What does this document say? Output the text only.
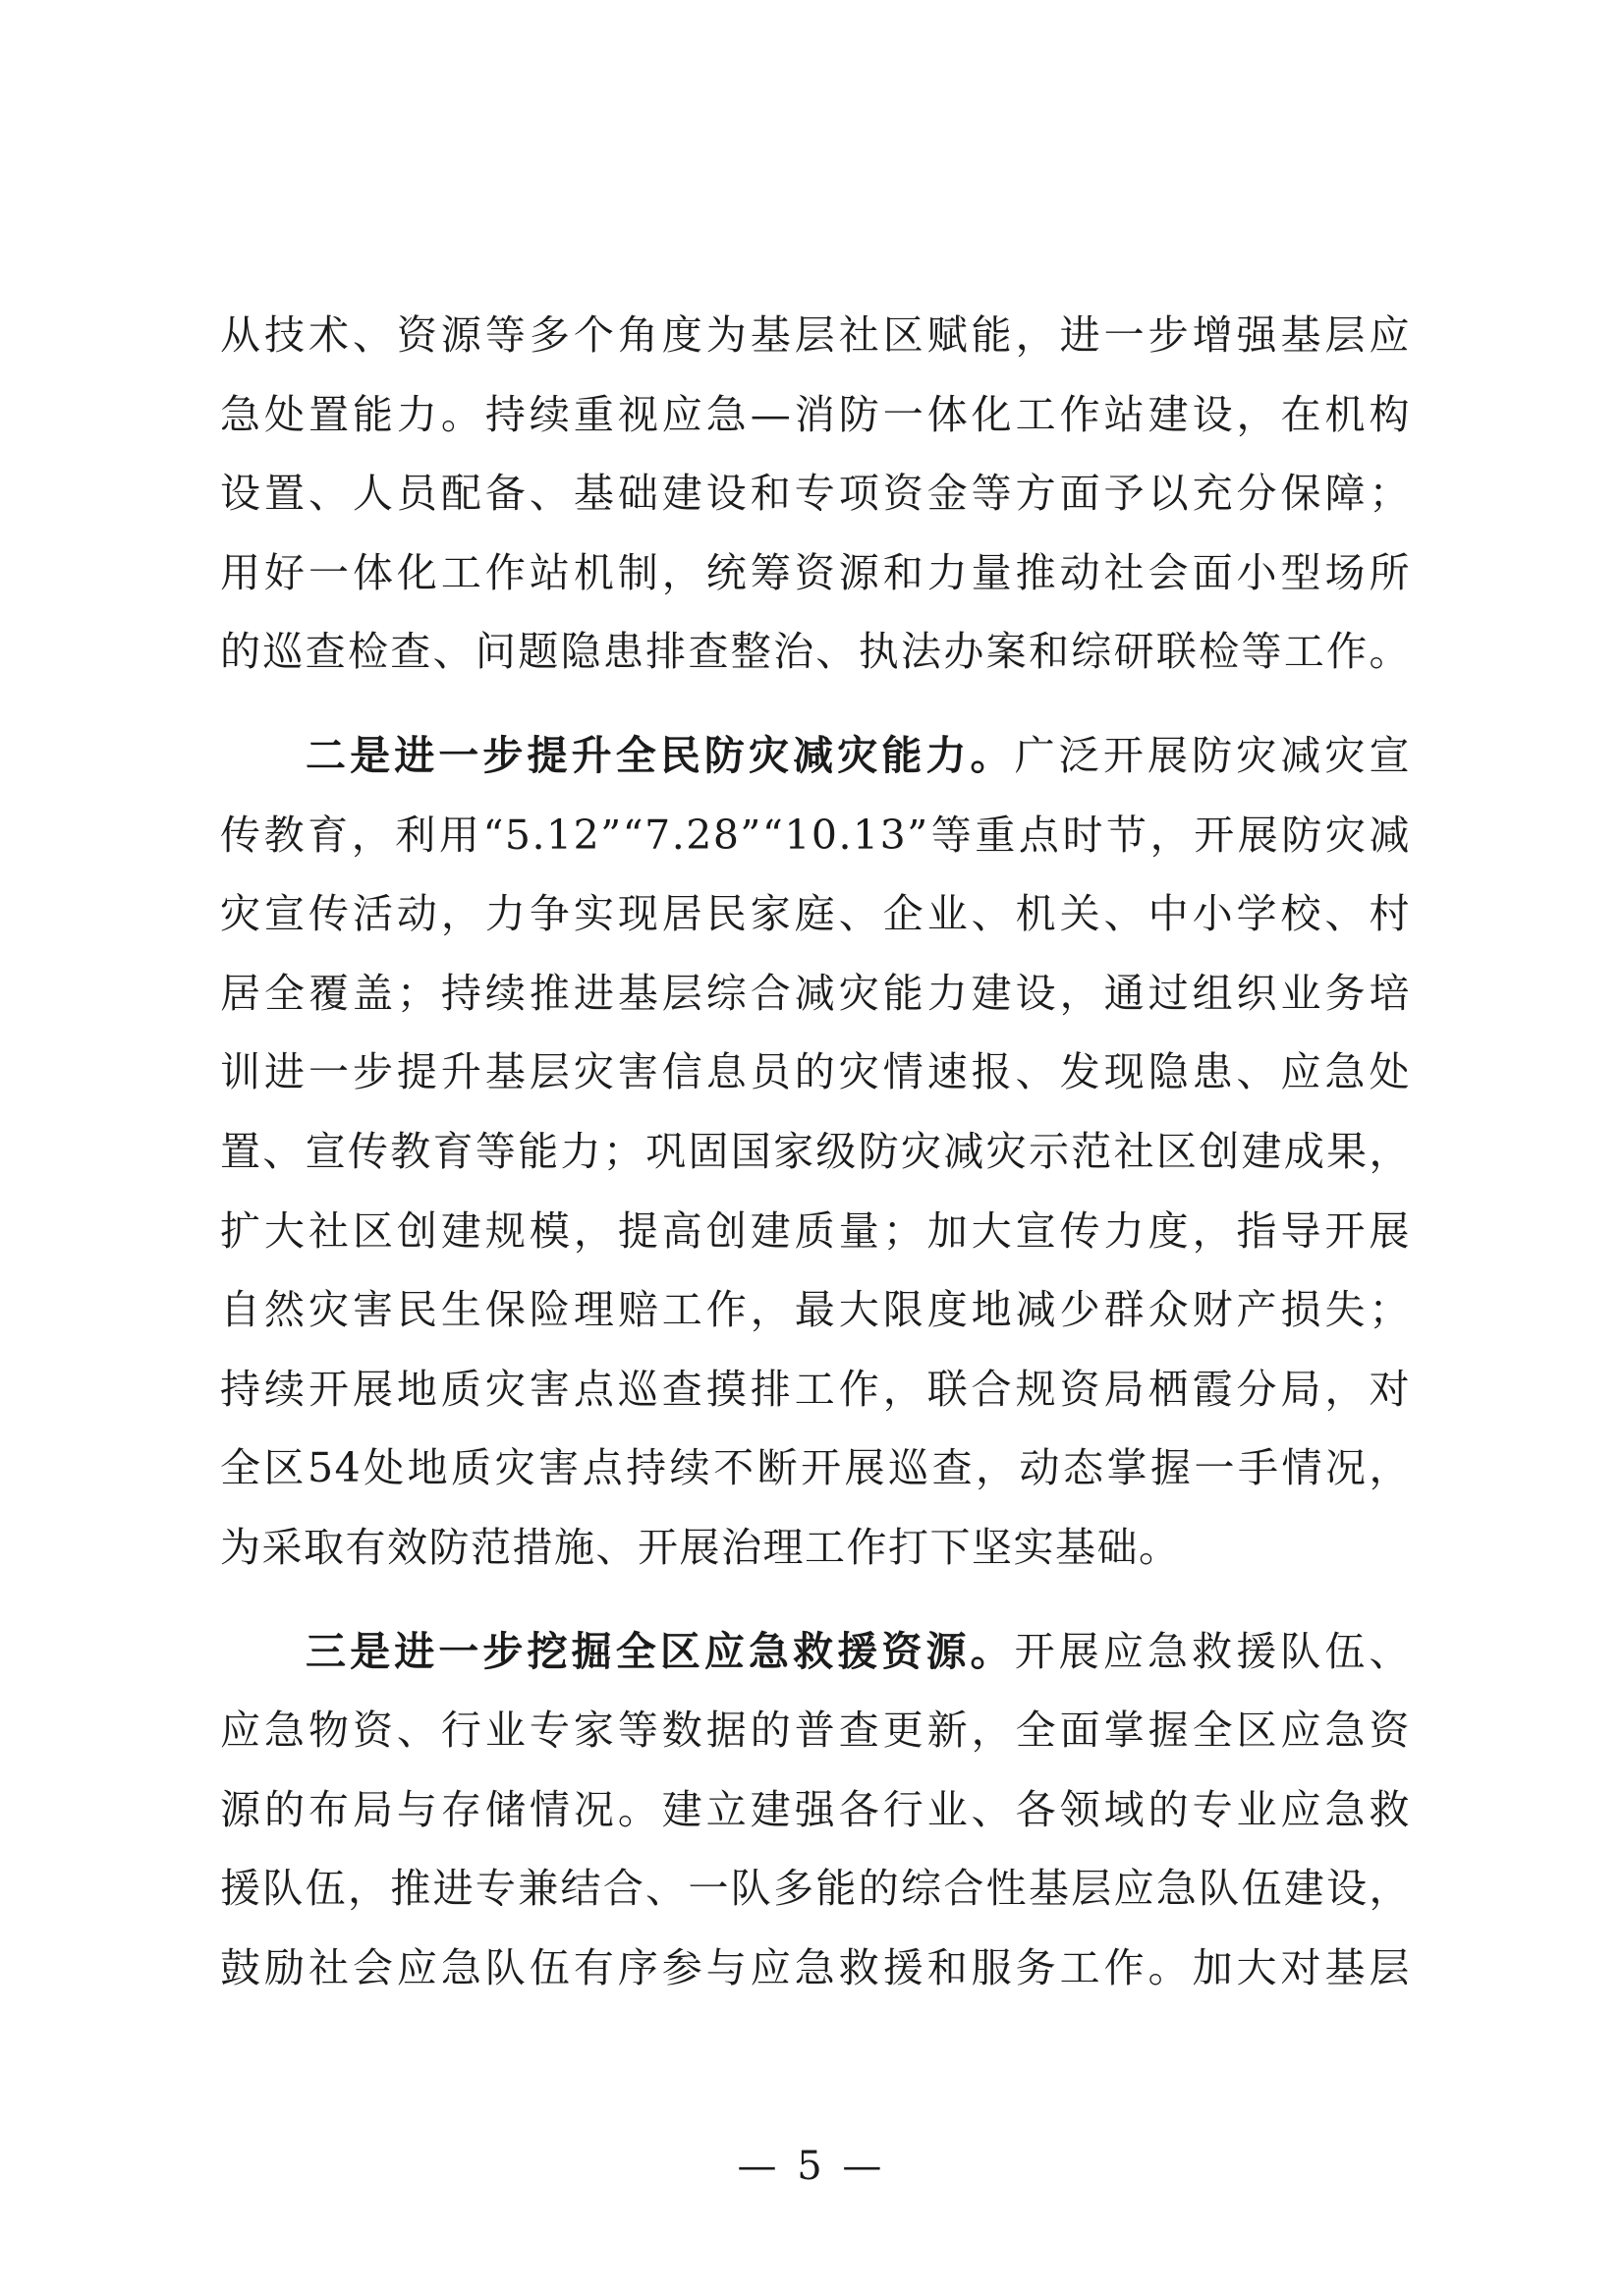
从技术、资源等多个角度为基层社区赋能，进一步增强基层应
急处置能力。持续重视应急—消防一体化工作站建设，在机构
设置、人员配备、基础建设和专项资金等方面予以充分保障；
用好一体化工作站机制，统筹资源和力量推动社会面小型场所
的巡查检查、问题隐患排查整治、执法办案和综研联检等工作。
二是进一步提升全民防灾减灾能力。广泛开展防灾减灾宣
传教育，利用“5.12”“7.28”“10.13”等重点时节，开展防灾减
灾宣传活动，力争实现居民家庭、企业、机关、中小学校、村
居全覆盖；持续推进基层综合减灾能力建设，通过组织业务培
训进一步提升基层灾害信息员的灾情速报、发现隐患、应急处
置、宣传教育等能力；巩固国家级防灾减灾示范社区创建成果，
扩大社区创建规模，提高创建质量；加大宣传力度，指导开展
自然灾害民生保险理赔工作，最大限度地减少群众财产损失；
持续开展地质灾害点巡查摸排工作，联合规资局栖霞分局，对
全区54处地质灾害点持续不断开展巡查，动态掌握一手情况，
为采取有效防范措施、开展治理工作打下坚实基础。
三是进一步挖掘全区应急救援资源。开展应急救援队伍、
应急物资、行业专家等数据的普查更新，全面掌握全区应急资
源的布局与存储情况。建立建强各行业、各领域的专业应急救
援队伍，推进专兼结合、一队多能的综合性基层应急队伍建设，
鼓励社会应急队伍有序参与应急救援和服务工作。加大对基层
— 5 —
